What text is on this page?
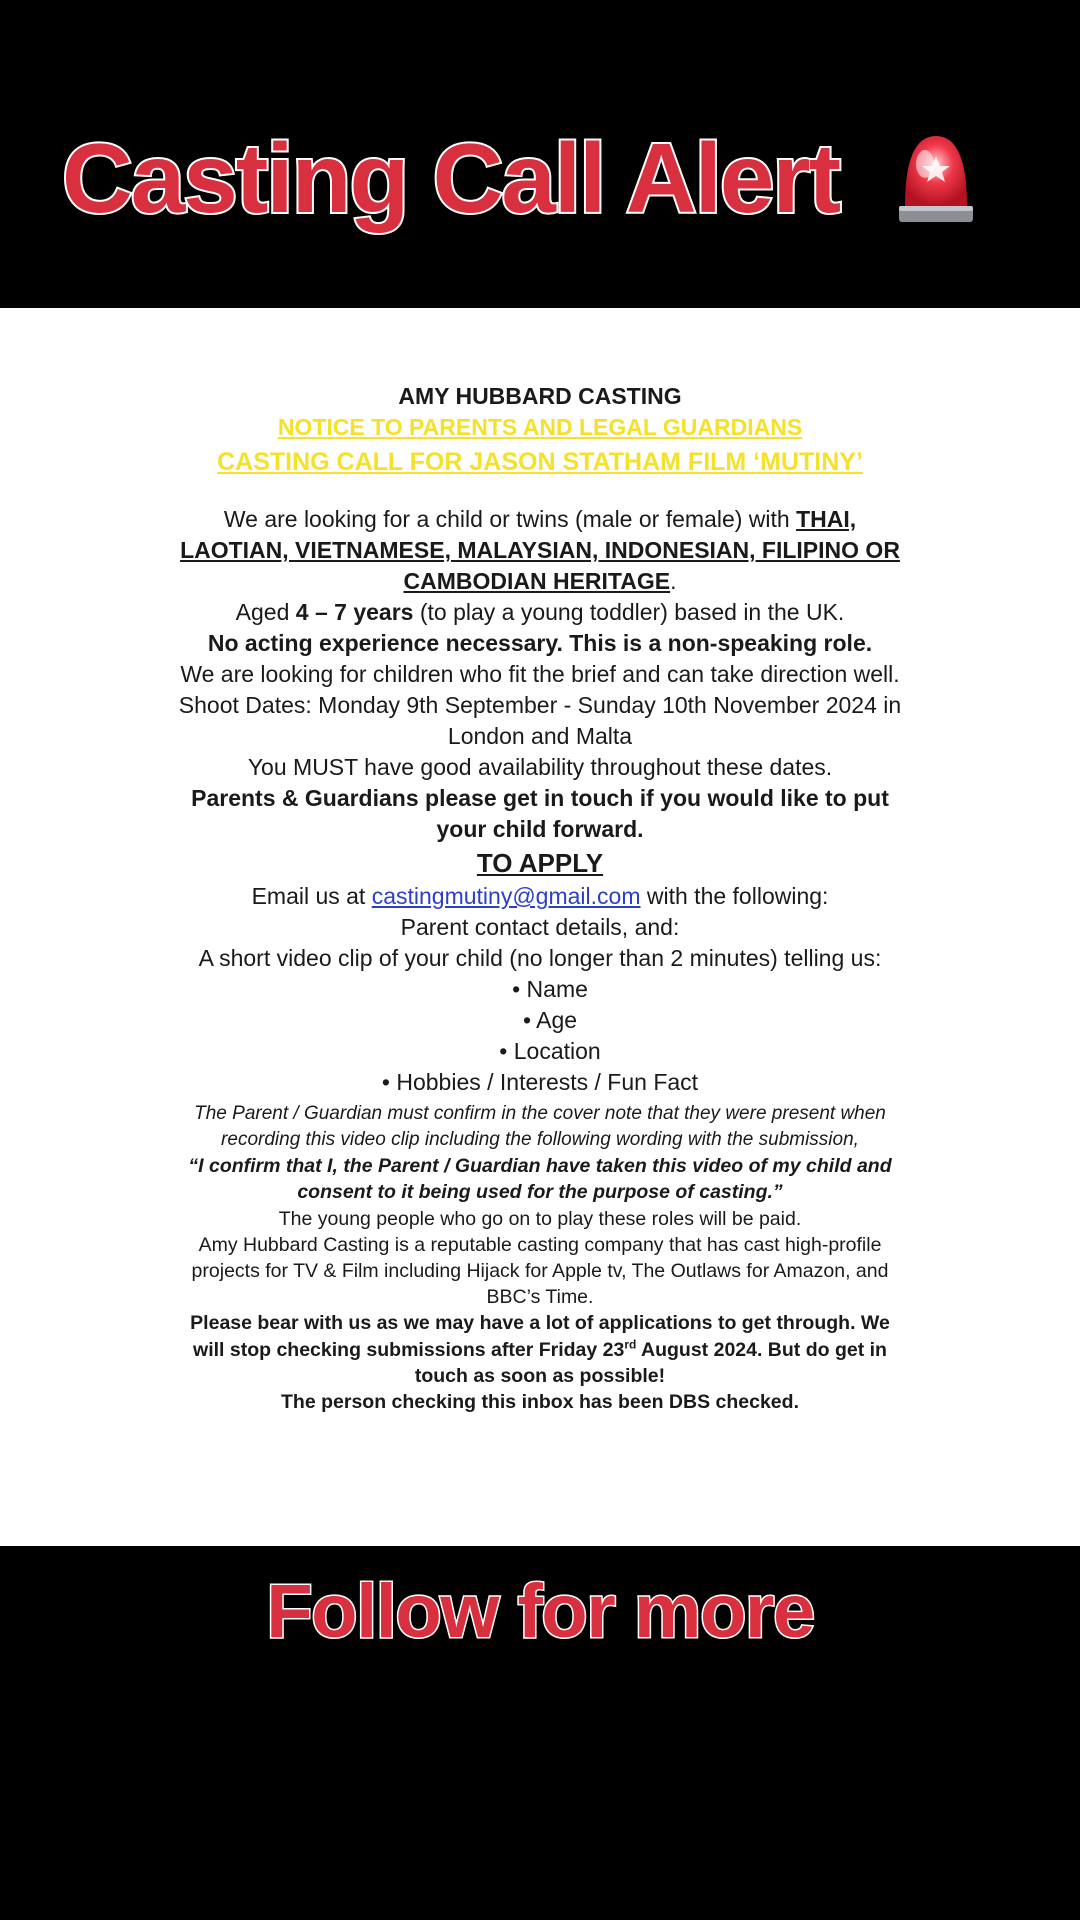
Casting Call Alert
AMY HUBBARD CASTING
NOTICE TO PARENTS AND LEGAL GUARDIANS
CASTING CALL FOR JASON STATHAM FILM ‘MUTINY’
We are looking for a child or twins (male or female) with THAI,
LAOTIAN, VIETNAMESE, MALAYSIAN, INDONESIAN, FILIPINO OR
CAMBODIAN HERITAGE.
Aged 4 – 7 years (to play a young toddler) based in the UK.
No acting experience necessary. This is a non-speaking role.
We are looking for children who fit the brief and can take direction well.
Shoot Dates: Monday 9th September - Sunday 10th November 2024 in
London and Malta
You MUST have good availability throughout these dates.
Parents & Guardians please get in touch if you would like to put
your child forward.
TO APPLY
Email us at castingmutiny@gmail.com with the following:
Parent contact details, and:
A short video clip of your child (no longer than 2 minutes) telling us:
• Name
• Age
• Location
• Hobbies / Interests / Fun Fact
The Parent / Guardian must confirm in the cover note that they were present when
recording this video clip including the following wording with the submission,
“I confirm that I, the Parent / Guardian have taken this video of my child and
consent to it being used for the purpose of casting.”
The young people who go on to play these roles will be paid.
Amy Hubbard Casting is a reputable casting company that has cast high-profile
projects for TV & Film including Hijack for Apple tv, The Outlaws for Amazon, and
BBC’s Time.
Please bear with us as we may have a lot of applications to get through. We
will stop checking submissions after Friday 23rd August 2024. But do get in
touch as soon as possible!
The person checking this inbox has been DBS checked.
Follow for more
